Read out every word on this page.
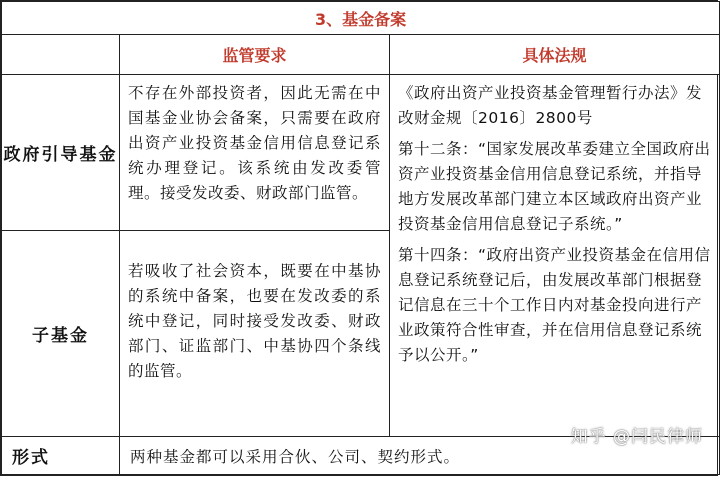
3、基金备案		
	监管要求	具体法规
政府引导基金	不存在外部投资者，因此无需在中国基金业协会备案，只需要在政府出资产业投资基金信用信息登记系统办理登记。该系统由发改委管理。接受发改委、财政部门监管。	《政府出资产业投资基金管理暂行办法》发改财金规〔2016〕2800号
第十二条：“国家发展改革委建立全国政府出资产业投资基金信用信息登记系统，并指导地方发展改革部门建立本区域政府出资产业投资基金信用信息登记子系统。”
第十四条：“政府出资产业投资基金在信用信息登记系统登记后，由发展改革部门根据登记信息在三十个工作日内对基金投向进行产业政策符合性审查，并在信用信息登记系统予以公开。”

子基金	若吸收了社会资本，既要在中基协的系统中备案，也要在发改委的系统中登记，同时接受发改委、财政部门、证监部门、中基协四个条线的监管。	
形式	两种基金都可以采用合伙、公司、契约形式。	
知乎 @闫民律师
